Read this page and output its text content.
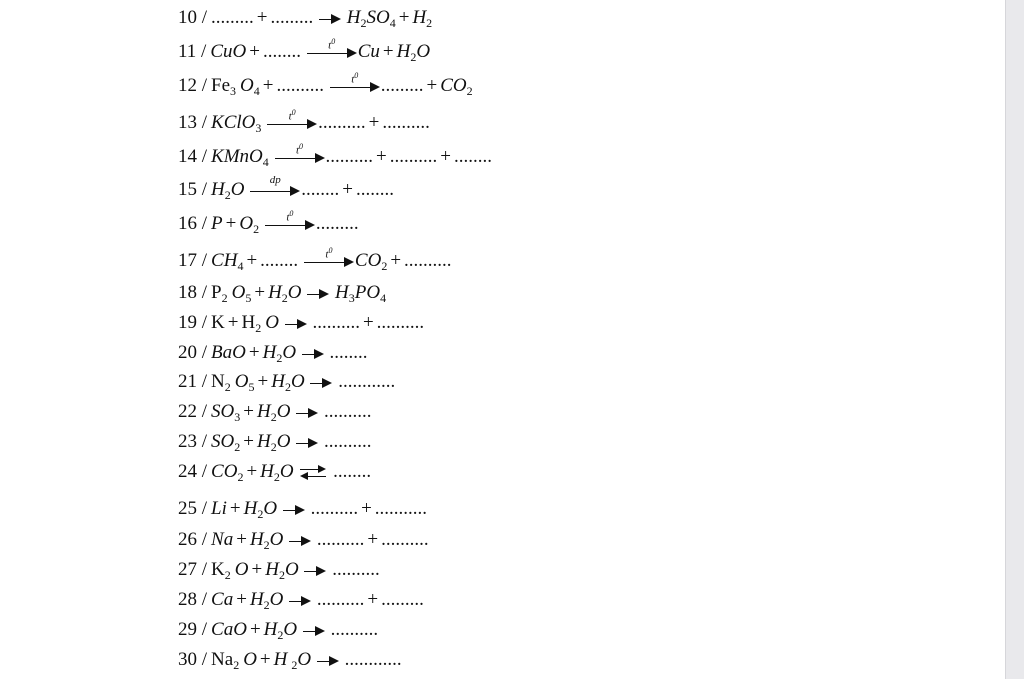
10 / ......... + ......... $H_2SO_4 + H_2$
11 / CuO + ........	$t^0$	$Cu + H_2O$
$12 / Fe_3$ $O_4$ + ..........	$t^0$	......... + $CO_2$
13 / KClO$_3$
$t^0$	.......... + ..........
14 / KMnO$_4$
$t^0$	.......... + .......... + ........
$15 / H_2O$	dp	........ + ........
$16 / P + O_2$
$t^0$	.........
$17 / CH_4$ + ........	$t^0$	$CO_2$ + ..........
$18 / P_2$ $O_5 + H_2O$ $H_3PO_4$
$19 / K + H_2$ O
.......... + ..........
20 / BaO + $H_2O$
........
$21 / N_2$ $O_5 + H_2O$
............
$22 / SO_3 + H_2O$
..........
$23 / SO_2 + H_2O$
..........
$24 / CO_2 + H_2O$
........
$25 / Li + H_2O$
.......... + ...........
$26 / Na + H_2O$
.......... + ..........
$27 / K_2$ $O + H_2O$
..........
$28 / Ca + H_2O$
.......... + .........
29 / CaO + $H_2O$
..........
$30 / Na_2$ O + H $_2$O
............
